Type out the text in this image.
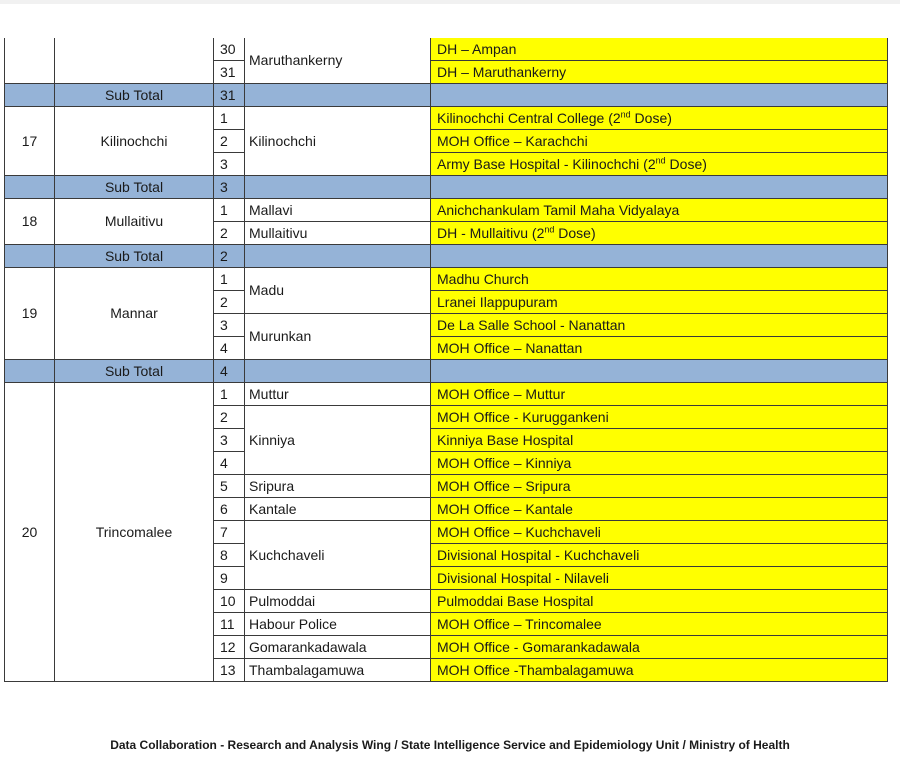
		30	Maruthankerny	DH – Ampan
		31		DH – Maruthankerny
	Sub Total	31		
17	Kilinochchi	1	Kilinochchi	Kilinochchi Central College (2nd Dose)
		2		MOH Office – Karachchi
		3		Army Base Hospital - Kilinochchi (2nd Dose)
	Sub Total	3		
18	Mullaitivu	1	Mallavi	Anichchankulam Tamil Maha Vidyalaya
		2	Mullaitivu	DH - Mullaitivu (2nd Dose)
	Sub Total	2		
19	Mannar	1	Madu	Madhu Church
		2		Lranei Ilappupuram
		3	Murunkan	De La Salle School - Nanattan
		4		MOH Office – Nanattan
	Sub Total	4		
20	Trincomalee	1	Muttur	MOH Office – Muttur
		2	Kinniya	MOH Office - Kuruggankeni
		3		Kinniya Base Hospital
		4		MOH Office – Kinniya
		5	Sripura	MOH Office – Sripura
		6	Kantale	MOH Office – Kantale
		7	Kuchchaveli	MOH Office – Kuchchaveli
		8		Divisional Hospital - Kuchchaveli
		9		Divisional Hospital - Nilaveli
		10	Pulmoddai	Pulmoddai Base Hospital
		11	Habour Police	MOH Office – Trincomalee
		12	Gomarankadawala	MOH Office - Gomarankadawala
		13	Thambalagamuwa	MOH Office -Thambalagamuwa
Data Collaboration - Research and Analysis Wing / State Intelligence Service and Epidemiology Unit / Ministry of Health
